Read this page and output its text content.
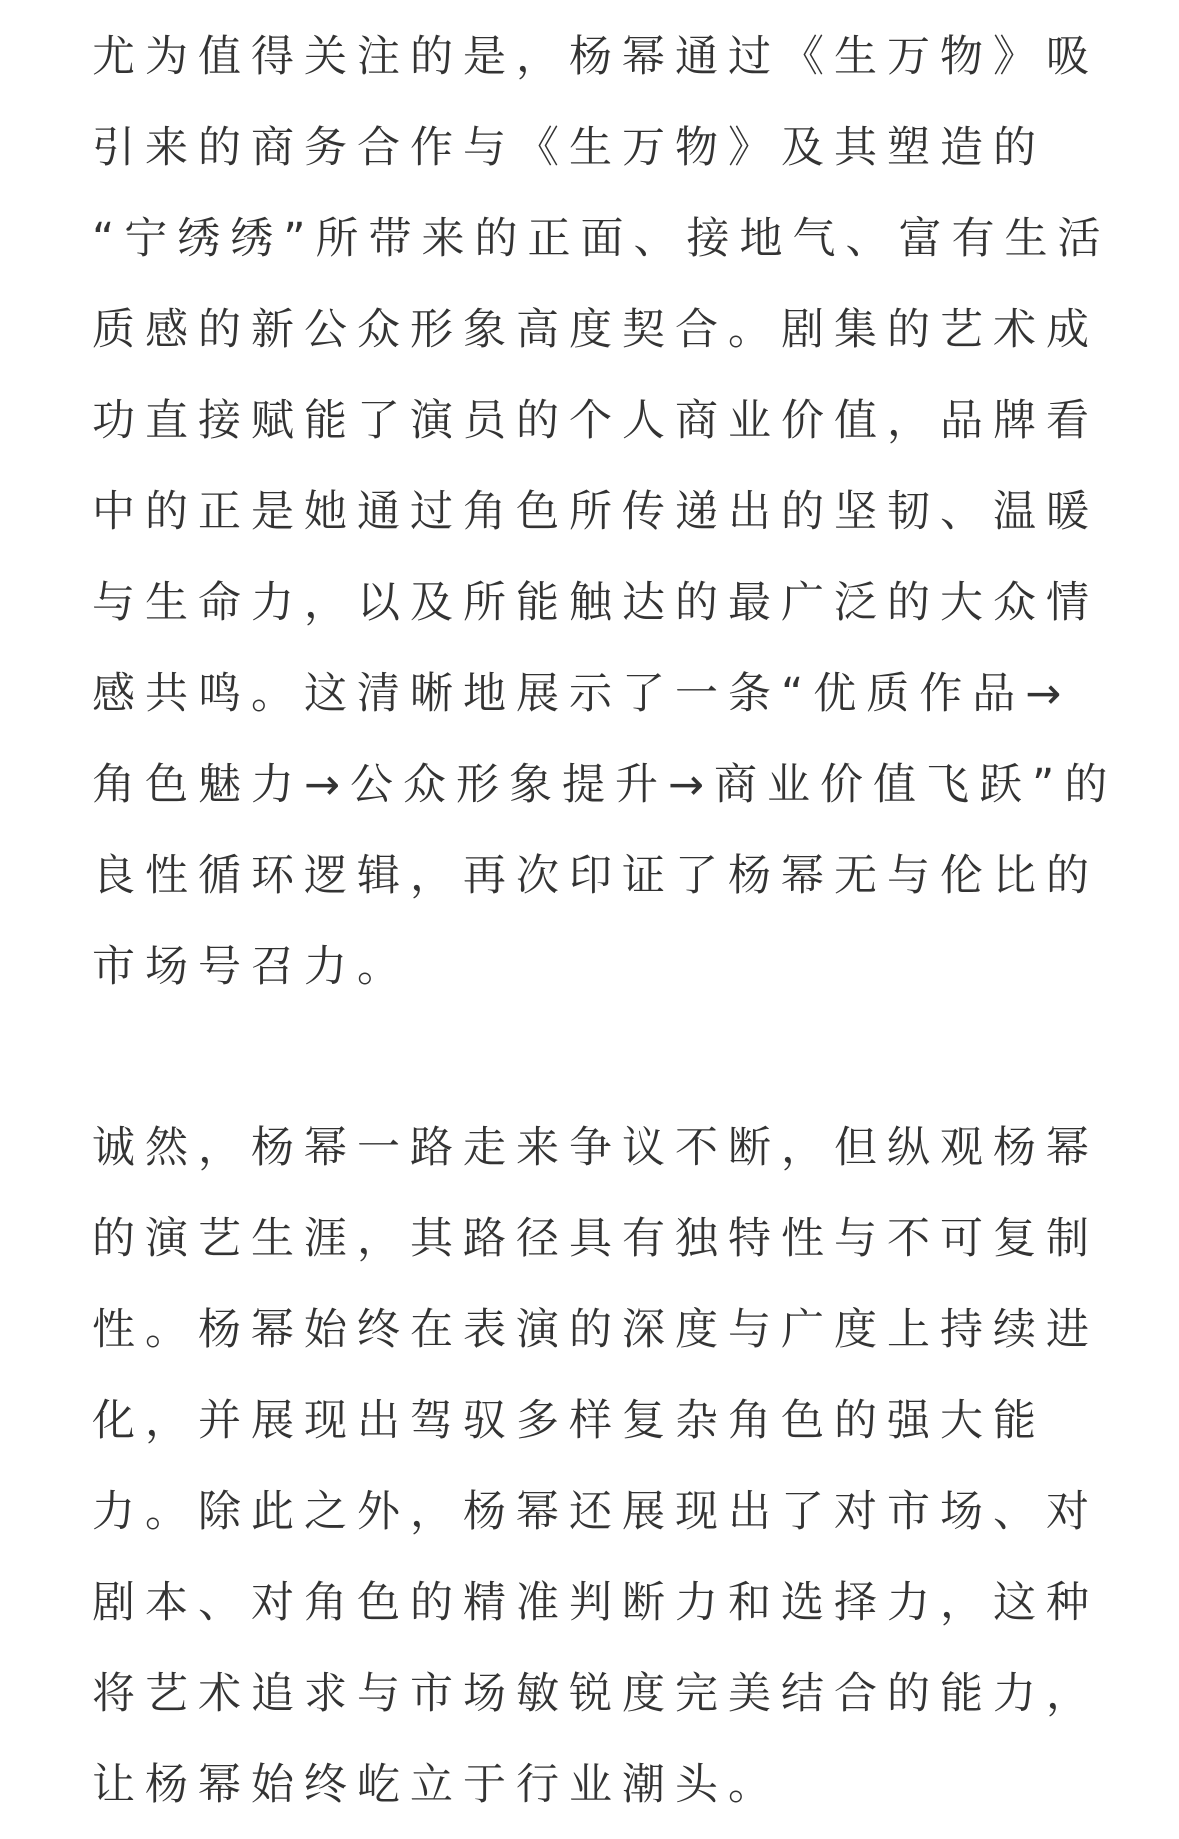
尤为值得关注的是，杨幂通过《生万物》吸
引来的商务合作与《生万物》及其塑造的
“宁绣绣”所带来的正面、接地气、富有生活
质感的新公众形象高度契合。剧集的艺术成
功直接赋能了演员的个人商业价值，品牌看
中的正是她通过角色所传递出的坚韧、温暖
与生命力，以及所能触达的最广泛的大众情
感共鸣。这清晰地展示了一条“优质作品→
角色魅力→公众形象提升→商业价值飞跃”的
良性循环逻辑，再次印证了杨幂无与伦比的
市场号召力。
诚然，杨幂一路走来争议不断，但纵观杨幂
的演艺生涯，其路径具有独特性与不可复制
性。杨幂始终在表演的深度与广度上持续进
化，并展现出驾驭多样复杂角色的强大能
力。除此之外，杨幂还展现出了对市场、对
剧本、对角色的精准判断力和选择力，这种
将艺术追求与市场敏锐度完美结合的能力，
让杨幂始终屹立于行业潮头。
